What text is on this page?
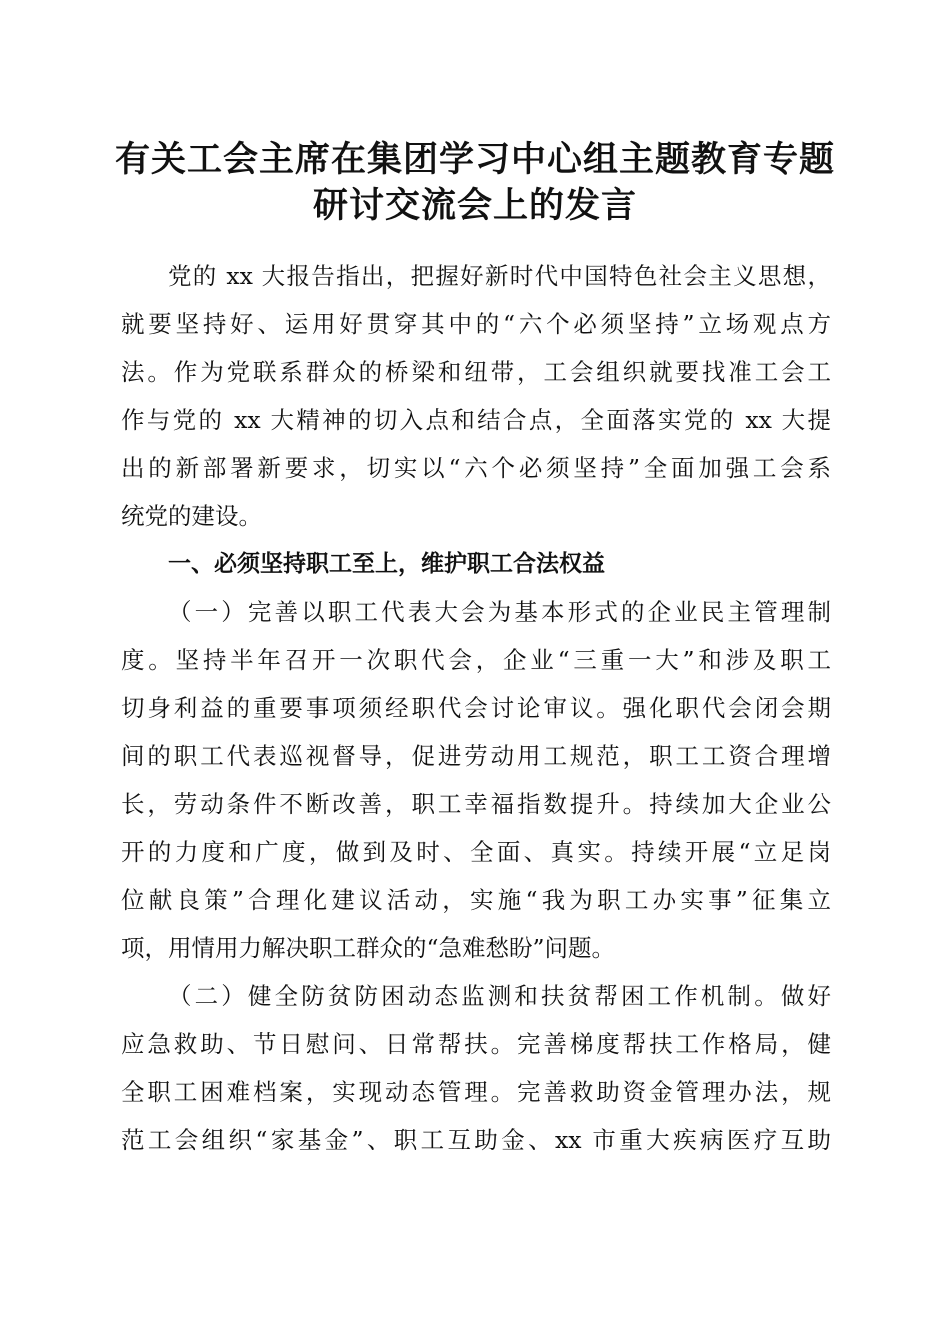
有关工会主席在集团学习中心组主题教育专题
研讨交流会上的发言
党的 xx 大报告指出，把握好新时代中国特色社会主义思想，
就要坚持好、运用好贯穿其中的“六个必须坚持”立场观点方
法。作为党联系群众的桥梁和纽带，工会组织就要找准工会工
作与党的 xx 大精神的切入点和结合点，全面落实党的 xx 大提
出的新部署新要求，切实以“六个必须坚持”全面加强工会系
统党的建设。
一、必须坚持职工至上，维护职工合法权益
（一）完善以职工代表大会为基本形式的企业民主管理制
度。坚持半年召开一次职代会，企业“三重一大”和涉及职工
切身利益的重要事项须经职代会讨论审议。强化职代会闭会期
间的职工代表巡视督导，促进劳动用工规范，职工工资合理增
长，劳动条件不断改善，职工幸福指数提升。持续加大企业公
开的力度和广度，做到及时、全面、真实。持续开展“立足岗
位献良策”合理化建议活动，实施“我为职工办实事”征集立
项，用情用力解决职工群众的“急难愁盼”问题。
（二）健全防贫防困动态监测和扶贫帮困工作机制。做好
应急救助、节日慰问、日常帮扶。完善梯度帮扶工作格局，健
全职工困难档案，实现动态管理。完善救助资金管理办法，规
范工会组织“家基金”、职工互助金、xx 市重大疾病医疗互助
